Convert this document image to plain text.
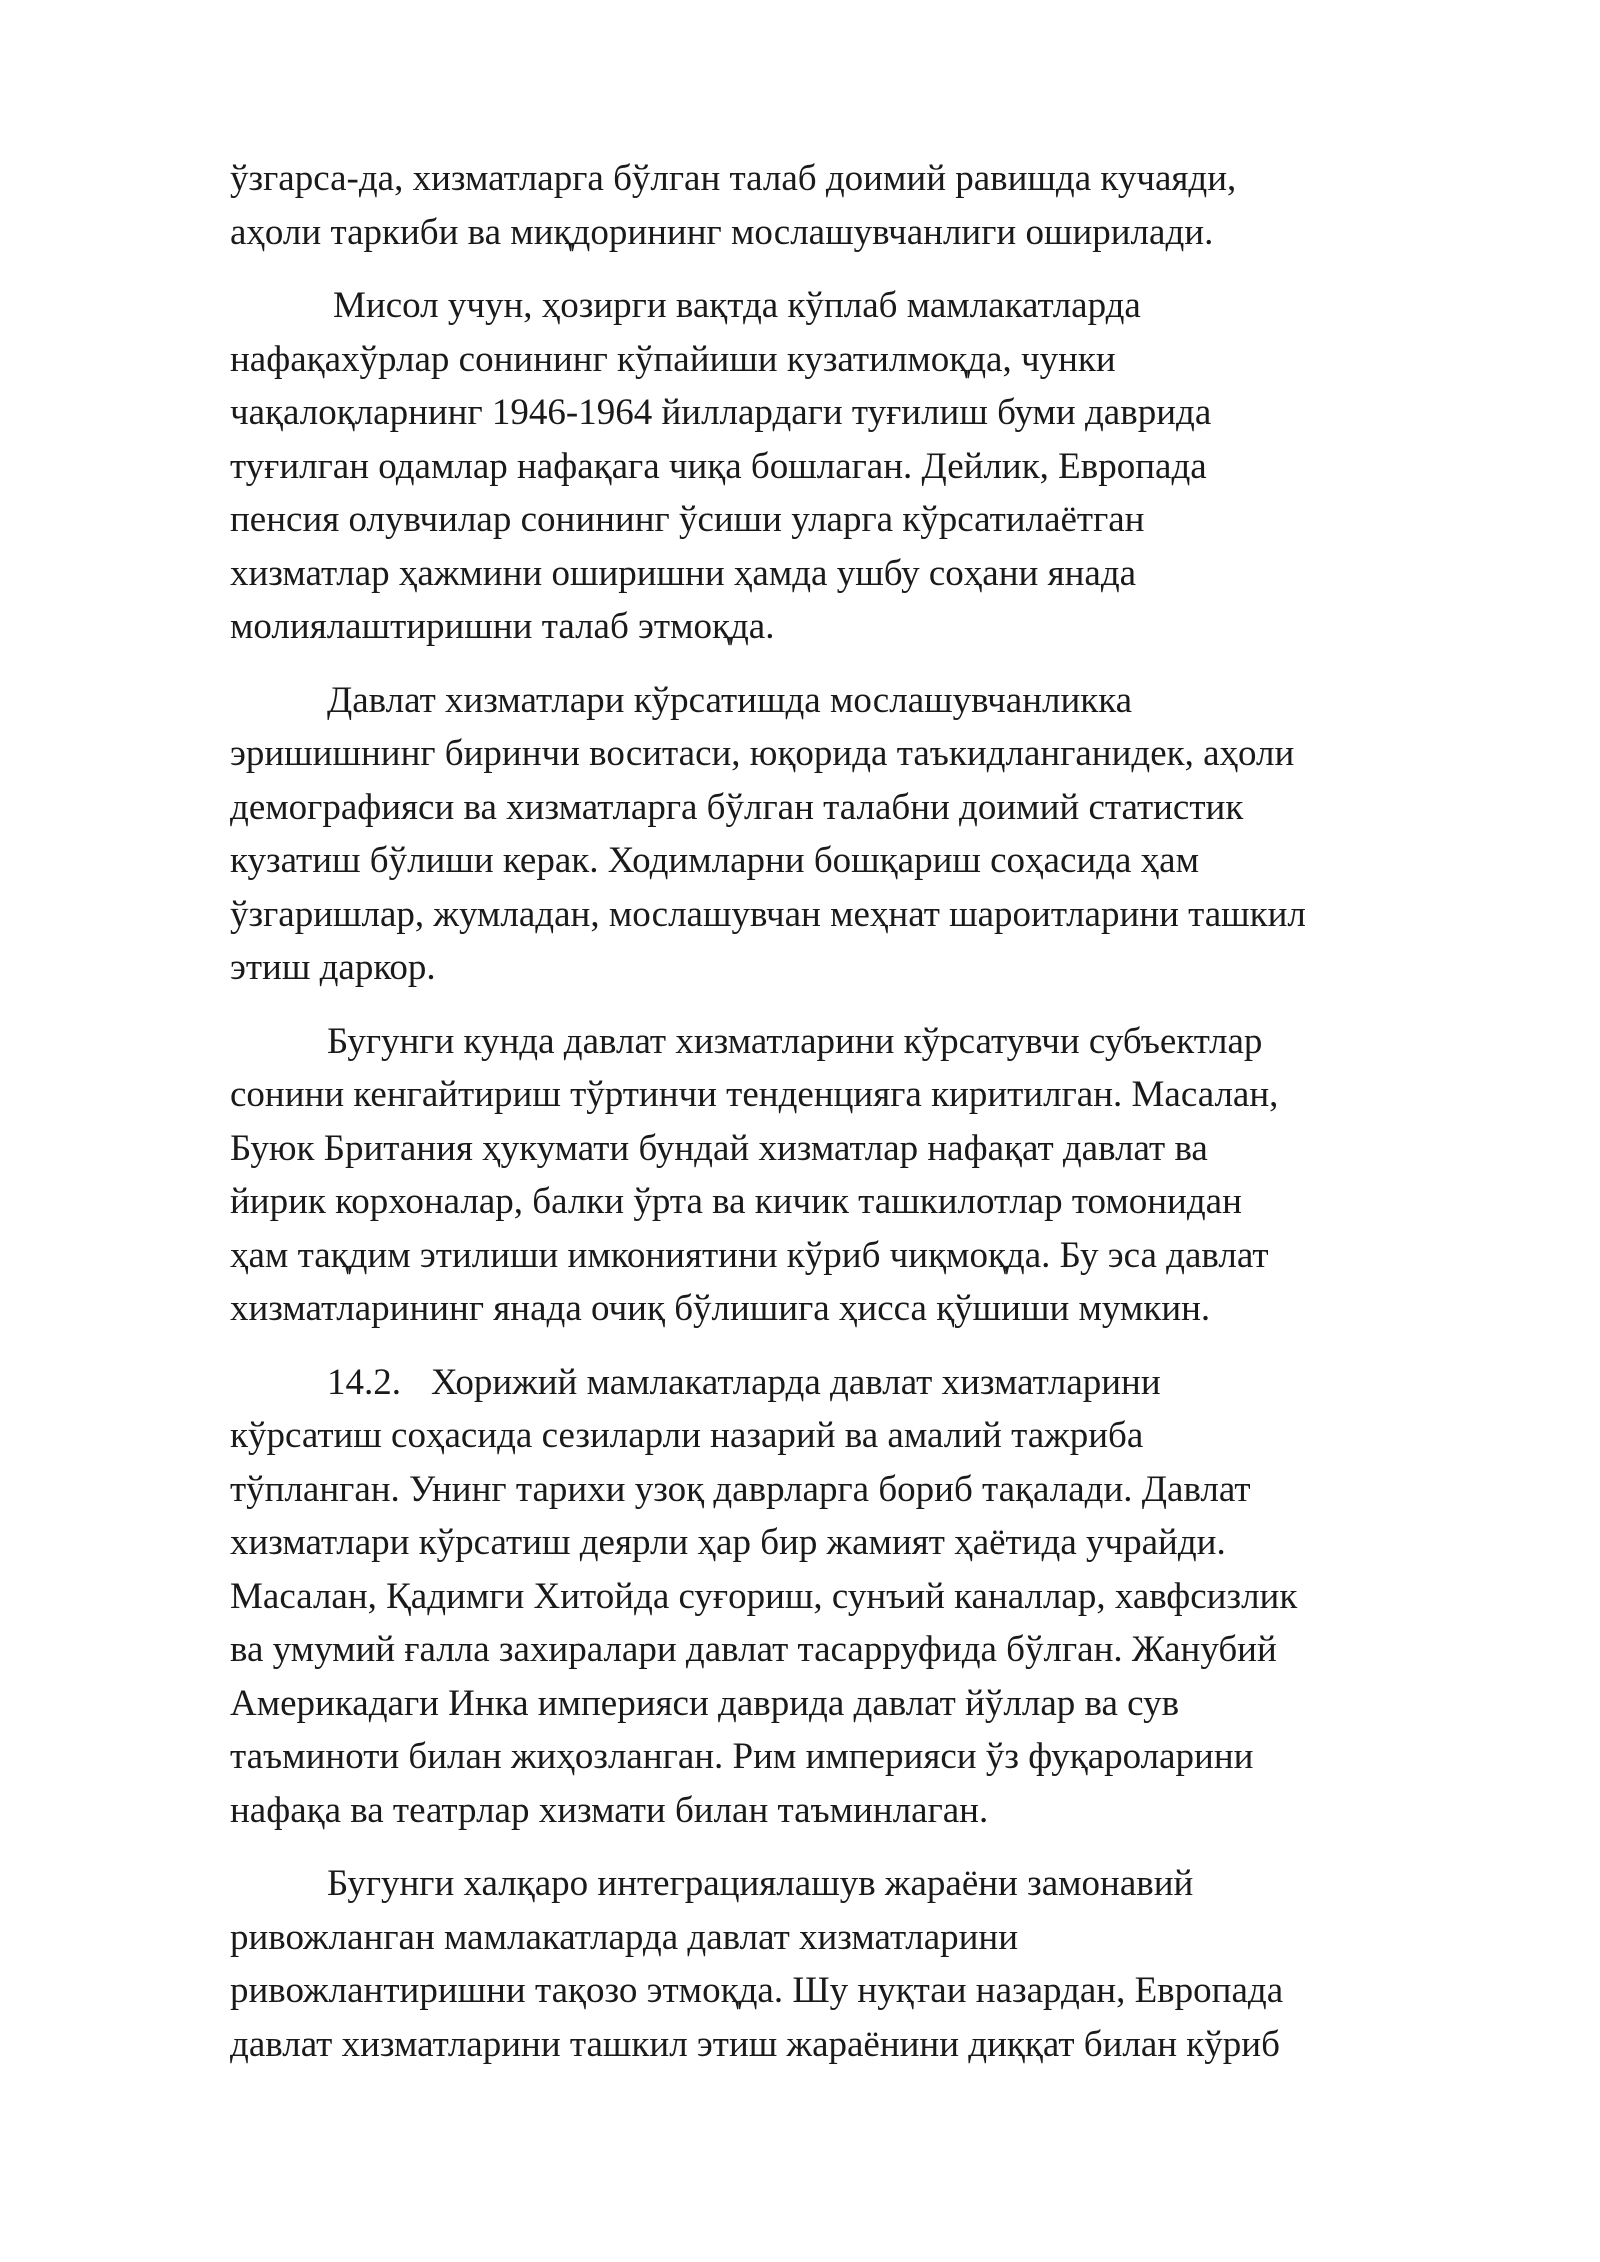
ўзгарса-да, хизматларга бўлган талаб доимий равишда кучаяди,
аҳоли таркиби ва миқдорининг мослашувчанлиги оширилади.

Мисол учун, ҳозирги вақтда кўплаб мамлакатларда
нафақахўрлар сонининг кўпайиши кузатилмоқда, чунки
чақалоқларнинг 1946-1964 йиллардаги туғилиш буми даврида
туғилган одамлар нафақага чиқа бошлаган. Дейлик, Европада
пенсия олувчилар сонининг ўсиши уларга кўрсатилаётган
хизматлар ҳажмини оширишни ҳамда ушбу соҳани янада
молиялаштиришни талаб этмоқда.

Давлат хизматлари кўрсатишда мослашувчанликка
эришишнинг биринчи воситаси, юқорида таъкидланганидек, аҳоли
демографияси ва хизматларга бўлган талабни доимий статистик
кузатиш бўлиши керак. Ходимларни бошқариш соҳасида ҳам
ўзгаришлар, жумладан, мослашувчан меҳнат шароитларини ташкил
этиш даркор.

Бугунги кунда давлат хизматларини кўрсатувчи субъектлар
сонини кенгайтириш тўртинчи тенденцияга киритилган. Масалан,
Буюк Британия ҳукумати бундай хизматлар нафақат давлат ва
йирик корхоналар, балки ўрта ва кичик ташкилотлар томонидан
ҳам тақдим этилиши имкониятини кўриб чиқмоқда. Бу эса давлат
хизматларининг янада очиқ бўлишига ҳисса қўшиши мумкин.

14.2. Хорижий мамлакатларда давлат хизматларини
кўрсатиш соҳасида сезиларли назарий ва амалий тажриба
тўпланган. Унинг тарихи узоқ даврларга бориб тақалади. Давлат
хизматлари кўрсатиш деярли ҳар бир жамият ҳаётида учрайди.
Масалан, Қадимги Хитойда суғориш, сунъий каналлар, хавфсизлик
ва умумий ғалла захиралари давлат тасарруфида бўлган. Жанубий
Америкадаги Инка империяси даврида давлат йўллар ва сув
таъминоти билан жиҳозланган. Рим империяси ўз фуқароларини
нафақа ва театрлар хизмати билан таъминлаган.

Бугунги халқаро интеграциялашув жараёни замонавий
ривожланган мамлакатларда давлат хизматларини
ривожлантиришни тақозо этмоқда. Шу нуқтаи назардан, Европада
давлат хизматларини ташкил этиш жараёнини диққат билан кўриб
